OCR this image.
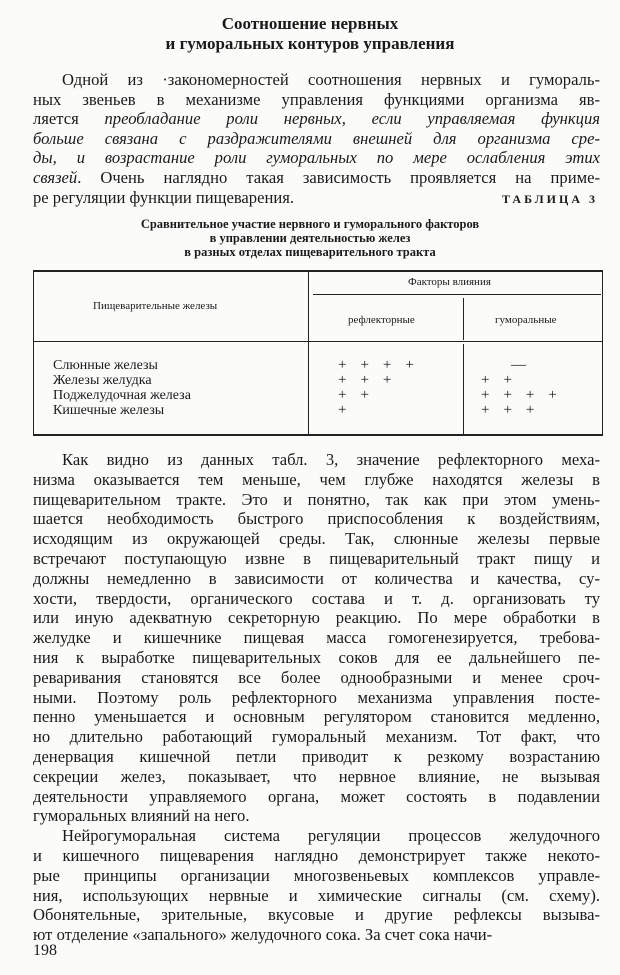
Соотношение нервных
и гуморальных контуров управления
Одной из ·закономерностей соотношения нервных и гумораль-
ных звеньев в механизме управления функциями организма яв-
ляется преобладание роли нервных, если управляемая функция
больше связана с раздражителями внешней для организма сре-
ды, и возрастание роли гуморальных по мере ослабления этих
связей. Очень наглядно такая зависимость проявляется на приме-
ре регуляции функции пищеварения.	ТАБЛИЦА 3
Сравнительное участие нервного и гуморального факторов
в управлении деятельностью желез
в разных отделах пищеварительного тракта
Пищеварительные железы
Факторы влияния
рефлекторные	гуморальные
Слюнные железы	++++	—
Железы желудка	+++	++
Поджелудочная железа	++	++++
Кишечные железы	+	+++
Как видно из данных табл. 3, значение рефлекторного меха-
низма оказывается тем меньше, чем глубже находятся железы в
пищеварительном тракте. Это и понятно, так как при этом умень-
шается необходимость быстрого приспособления к воздействиям,
исходящим из окружающей среды. Так, слюнные железы первые
встречают поступающую извне в пищеварительный тракт пищу и
должны немедленно в зависимости от количества и качества, су-
хости, твердости, органического состава и т. д. организовать ту
или иную адекватную секреторную реакцию. По мере обработки в
желудке и кишечнике пищевая масса гомогенезируется, требова-
ния к выработке пищеварительных соков для ее дальнейшего пе-
реваривания становятся все более однообразными и менее сроч-
ными. Поэтому роль рефлекторного механизма управления посте-
пенно уменьшается и основным регулятором становится медленно,
но длительно работающий гуморальный механизм. Тот факт, что
денервация кишечной петли приводит к резкому возрастанию
секреции желез, показывает, что нервное влияние, не вызывая
деятельности управляемого органа, может состоять в подавлении
гуморальных влияний на него.
Нейрогуморальная система регуляции процессов желудочного
и кишечного пищеварения наглядно демонстрирует также некото-
рые принципы организации многозвеньевых комплексов управле-
ния, использующих нервные и химические сигналы (см. схему).
Обонятельные, зрительные, вкусовые и другие рефлексы вызыва-
ют отделение «запального» желудочного сока. За счет сока начи-
198
